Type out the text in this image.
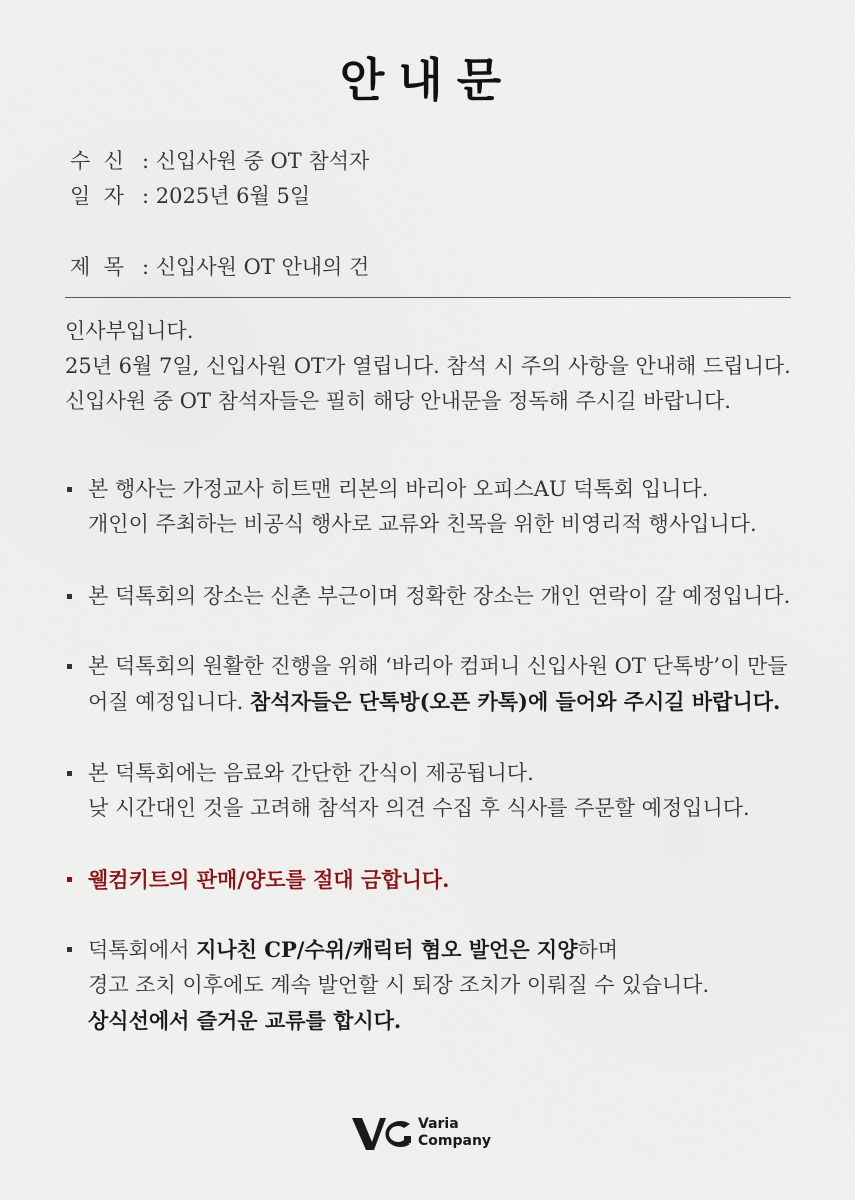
안내문
수  신 : 신입사원 중 OT 참석자
일  자 : 2025년 6월 5일
제  목 : 신입사원 OT 안내의 건
인사부입니다.
25년 6월 7일, 신입사원 OT가 열립니다. 참석 시 주의 사항을 안내해 드립니다.
신입사원 중 OT 참석자들은 필히 해당 안내문을 정독해 주시길 바랍니다.
본 행사는 가정교사 히트맨 리본의 바리아 오피스AU 덕톡회 입니다.
개인이 주최하는 비공식 행사로 교류와 친목을 위한 비영리적 행사입니다.
본 덕톡회의 장소는 신촌 부근이며 정확한 장소는 개인 연락이 갈 예정입니다.
본 덕톡회의 원활한 진행을 위해 ‘바리아 컴퍼니 신입사원 OT 단톡방’이 만들
어질 예정입니다. 참석자들은 단톡방(오픈 카톡)에 들어와 주시길 바랍니다.
본 덕톡회에는 음료와 간단한 간식이 제공됩니다.
낮 시간대인 것을 고려해 참석자 의견 수집 후 식사를 주문할 예정입니다.
웰컴키트의 판매/양도를 절대 금합니다.
덕톡회에서 지나친 CP/수위/캐릭터 혐오 발언은 지양하며
경고 조치 이후에도 계속 발언할 시 퇴장 조치가 이뤄질 수 있습니다.
상식선에서 즐거운 교류를 합시다.
Varia
Company
